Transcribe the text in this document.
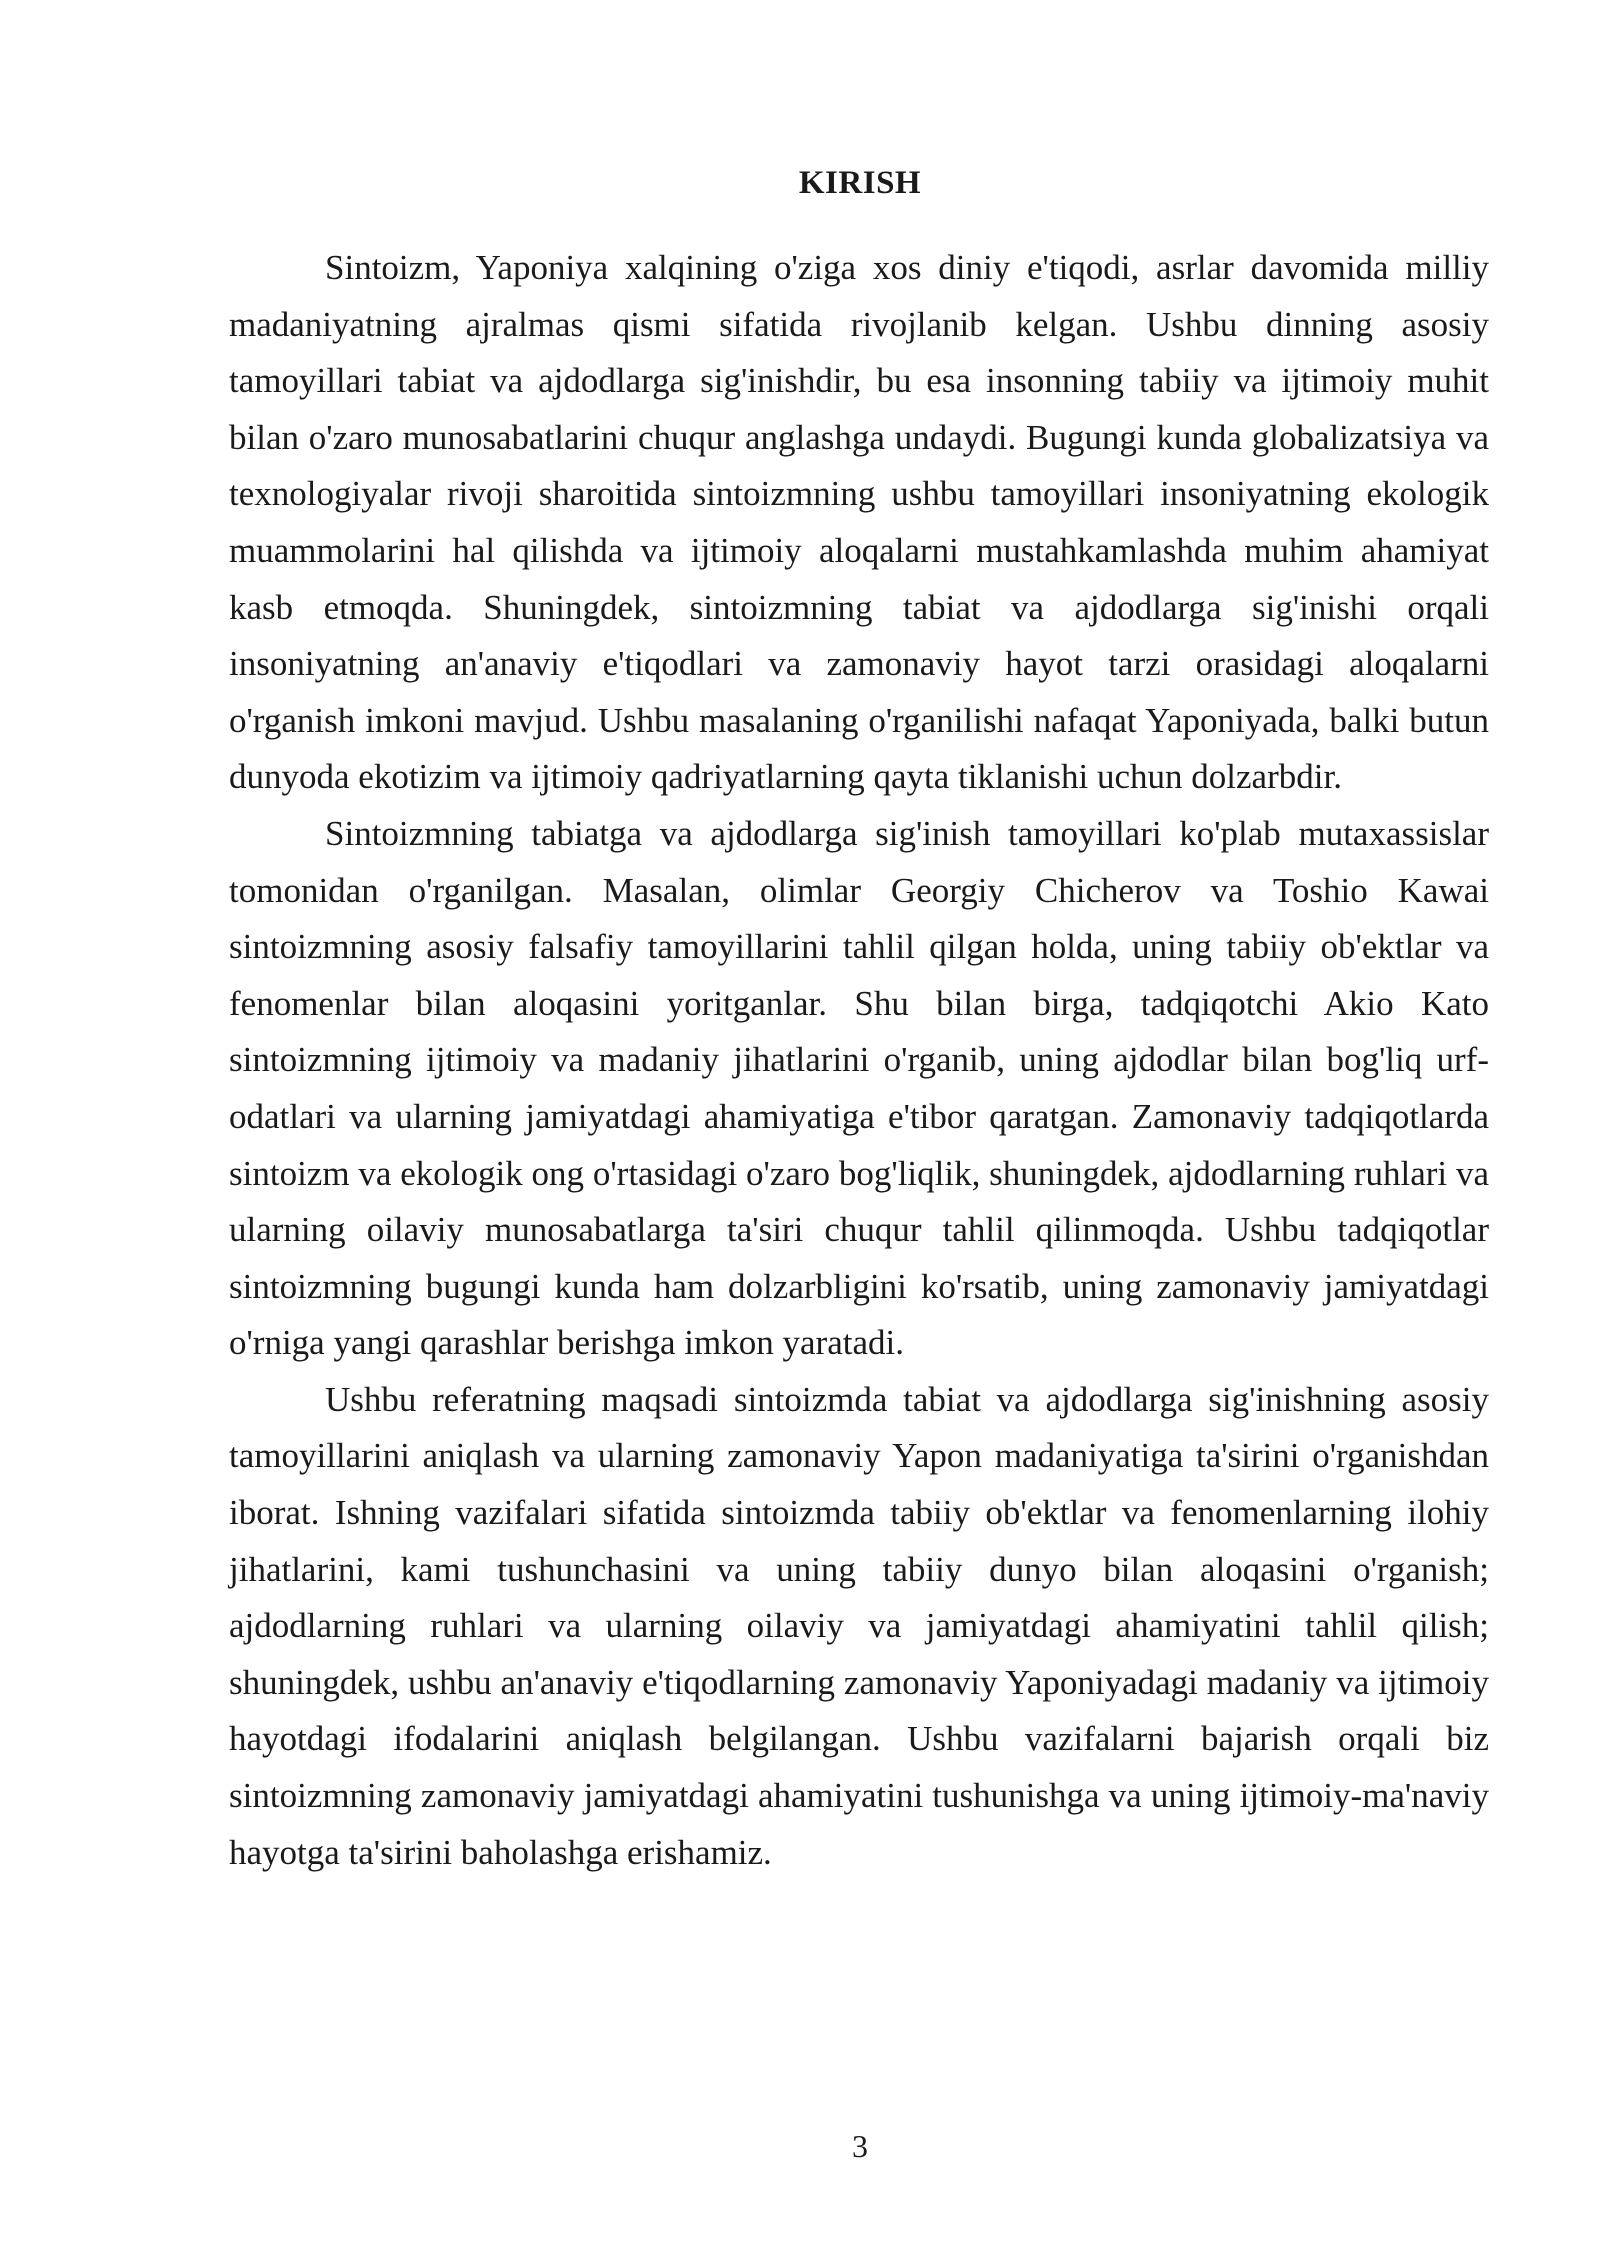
KIRISH

Sintoizm, Yaponiya xalqining o'ziga xos diniy e'tiqodi, asrlar davomida milliy madaniyatning ajralmas qismi sifatida rivojlanib kelgan. Ushbu dinning asosiy tamoyillari tabiat va ajdodlarga sig'inishdir, bu esa insonning tabiiy va ijtimoiy muhit bilan o'zaro munosabatlarini chuqur anglashga undaydi. Bugungi kunda globalizatsiya va texnologiyalar rivoji sharoitida sintoizmning ushbu tamoyillari insoniyatning ekologik muammolarini hal qilishda va ijtimoiy aloqalarni mustahkamlashda muhim ahamiyat kasb etmoqda. Shuningdek, sintoizmning tabiat va ajdodlarga sig'inishi orqali insoniyatning an'anaviy e'tiqodlari va zamonaviy hayot tarzi orasidagi aloqalarni o'rganish imkoni mavjud. Ushbu masalaning o'rganilishi nafaqat Yaponiyada, balki butun dunyoda ekotizim va ijtimoiy qadriyatlarning qayta tiklanishi uchun dolzarbdir.

Sintoizmning tabiatga va ajdodlarga sig'inish tamoyillari ko'plab mutaxassislar tomonidan o'rganilgan. Masalan, olimlar Georgiy Chicherov va Toshio Kawai sintoizmning asosiy falsafiy tamoyillarini tahlil qilgan holda, uning tabiiy ob'ektlar va fenomenlar bilan aloqasini yoritganlar. Shu bilan birga, tadqiqotchi Akio Kato sintoizmning ijtimoiy va madaniy jihatlarini o'rganib, uning ajdodlar bilan bog'liq urf-odatlari va ularning jamiyatdagi ahamiyatiga e'tibor qaratgan. Zamonaviy tadqiqotlarda sintoizm va ekologik ong o'rtasidagi o'zaro bog'liqlik, shuningdek, ajdodlarning ruhlari va ularning oilaviy munosabatlarga ta'siri chuqur tahlil qilinmoqda. Ushbu tadqiqotlar sintoizmning bugungi kunda ham dolzarbligini ko'rsatib, uning zamonaviy jamiyatdagi o'rniga yangi qarashlar berishga imkon yaratadi.

Ushbu referatning maqsadi sintoizmda tabiat va ajdodlarga sig'inishning asosiy tamoyillarini aniqlash va ularning zamonaviy Yapon madaniyatiga ta'sirini o'rganishdan iborat. Ishning vazifalari sifatida sintoizmda tabiiy ob'ektlar va fenomenlarning ilohiy jihatlarini, kami tushunchasini va uning tabiiy dunyo bilan aloqasini o'rganish; ajdodlarning ruhlari va ularning oilaviy va jamiyatdagi ahamiyatini tahlil qilish; shuningdek, ushbu an'anaviy e'tiqodlarning zamonaviy Yaponiyadagi madaniy va ijtimoiy hayotdagi ifodalarini aniqlash belgilangan. Ushbu vazifalarni bajarish orqali biz sintoizmning zamonaviy jamiyatdagi ahamiyatini tushunishga va uning ijtimoiy-ma'naviy hayotga ta'sirini baholashga erishamiz.

3
